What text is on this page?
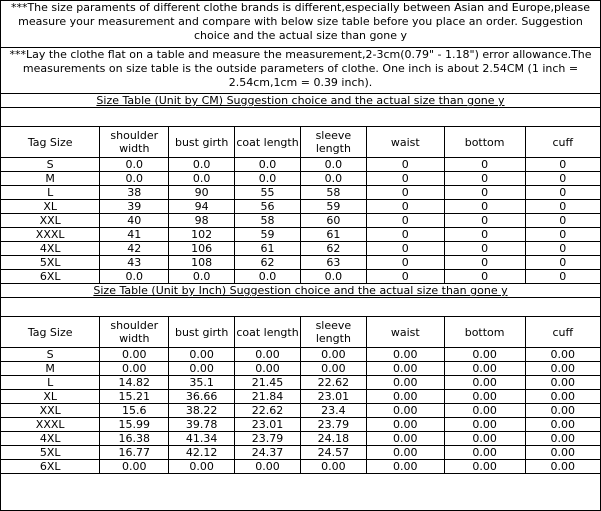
***The size paraments of different clothe brands is different,especially between Asian and Europe,please measure your measurement and compare with below size table before you place an order. Suggestion choice and the actual size than gone y
***Lay the clothe flat on a table and measure the measurement,2-3cm(0.79" - 1.18") error allowance.The measurements on size table is the outside parameters of clothe. One inch is about 2.54CM (1 inch = 2.54cm,1cm = 0.39 inch).
Size Table (Unit by CM) Suggestion choice and the actual size than gone y
Tag Size	shoulder width	bust girth	coat length	sleeve length	waist	bottom	cuff
S	0.0	0.0	0.0	0.0	0	0	0
M	0.0	0.0	0.0	0.0	0	0	0
L	38	90	55	58	0	0	0
XL	39	94	56	59	0	0	0
XXL	40	98	58	60	0	0	0
XXXL	41	102	59	61	0	0	0
4XL	42	106	61	62	0	0	0
5XL	43	108	62	63	0	0	0
6XL	0.0	0.0	0.0	0.0	0	0	0
Size Table (Unit by Inch) Suggestion choice and the actual size than gone y
Tag Size	shoulder width	bust girth	coat length	sleeve length	waist	bottom	cuff
S	0.00	0.00	0.00	0.00	0.00	0.00	0.00
M	0.00	0.00	0.00	0.00	0.00	0.00	0.00
L	14.82	35.1	21.45	22.62	0.00	0.00	0.00
XL	15.21	36.66	21.84	23.01	0.00	0.00	0.00
XXL	15.6	38.22	22.62	23.4	0.00	0.00	0.00
XXXL	15.99	39.78	23.01	23.79	0.00	0.00	0.00
4XL	16.38	41.34	23.79	24.18	0.00	0.00	0.00
5XL	16.77	42.12	24.37	24.57	0.00	0.00	0.00
6XL	0.00	0.00	0.00	0.00	0.00	0.00	0.00
